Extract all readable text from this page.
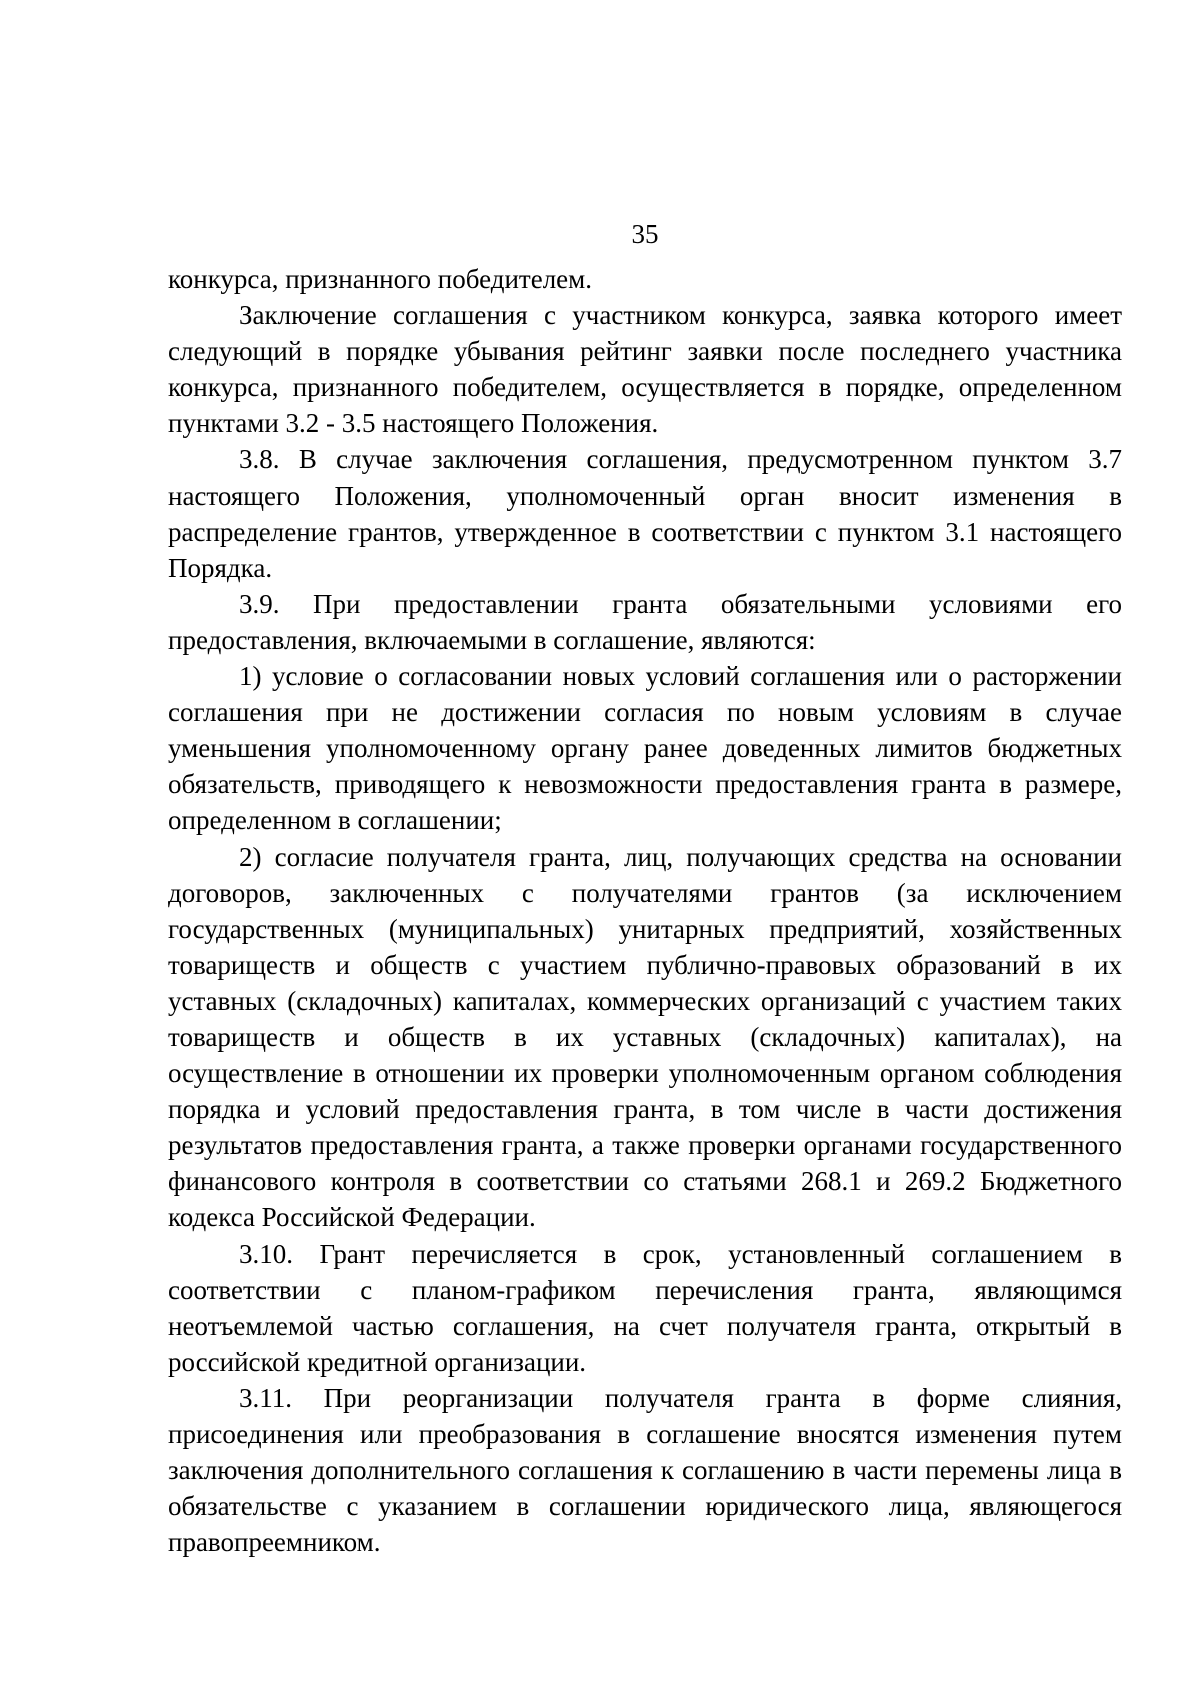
35

конкурса, признанного победителем.

Заключение соглашения с участником конкурса, заявка которого имеет следующий в порядке убывания рейтинг заявки после последнего участника конкурса, признанного победителем, осуществляется в порядке, определенном пунктами 3.2 - 3.5 настоящего Положения.

3.8. В случае заключения соглашения, предусмотренном пунктом 3.7 настоящего Положения, уполномоченный орган вносит изменения в распределение грантов, утвержденное в соответствии с пунктом 3.1 настоящего Порядка.

3.9. При предоставлении гранта обязательными условиями его предоставления, включаемыми в соглашение, являются:

1) условие о согласовании новых условий соглашения или о расторжении соглашения при не достижении согласия по новым условиям в случае уменьшения уполномоченному органу ранее доведенных лимитов бюджетных обязательств, приводящего к невозможности предоставления гранта в размере, определенном в соглашении;

2) согласие получателя гранта, лиц, получающих средства на основании договоров, заключенных с получателями грантов (за исключением государственных (муниципальных) унитарных предприятий, хозяйственных товариществ и обществ с участием публично-правовых образований в их уставных (складочных) капиталах, коммерческих организаций с участием таких товариществ и обществ в их уставных (складочных) капиталах), на осуществление в отношении их проверки уполномоченным органом соблюдения порядка и условий предоставления гранта, в том числе в части достижения результатов предоставления гранта, а также проверки органами государственного финансового контроля в соответствии со статьями 268.1 и 269.2 Бюджетного кодекса Российской Федерации.

3.10. Грант перечисляется в срок, установленный соглашением в соответствии с планом-графиком перечисления гранта, являющимся неотъемлемой частью соглашения, на счет получателя гранта, открытый в российской кредитной организации.

3.11. При реорганизации получателя гранта в форме слияния, присоединения или преобразования в соглашение вносятся изменения путем заключения дополнительного соглашения к соглашению в части перемены лица в обязательстве с указанием в соглашении юридического лица, являющегося правопреемником.
